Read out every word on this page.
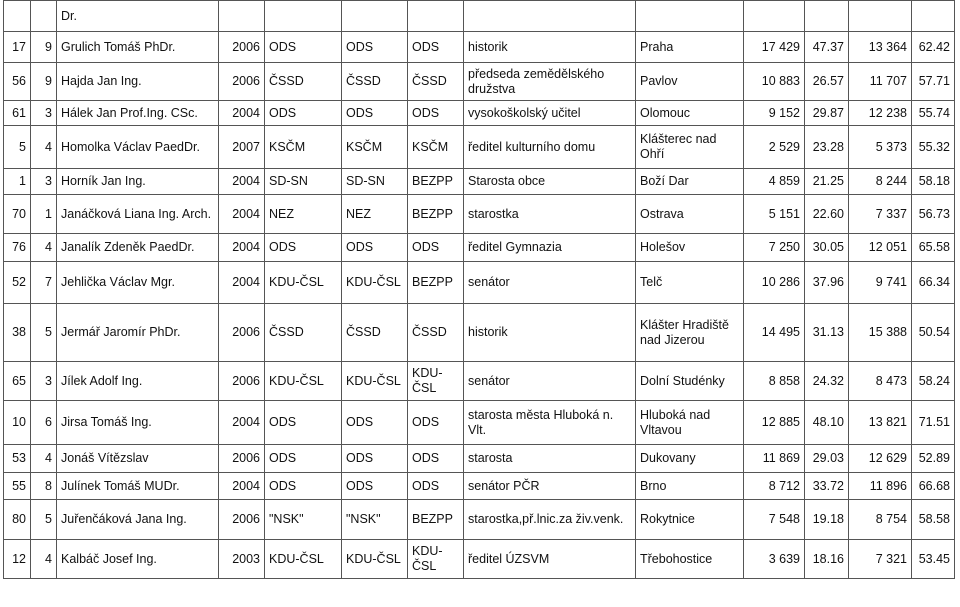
		Dr.										
17	9	Grulich Tomáš PhDr.	2006	ODS	ODS	ODS	historik	Praha	17 429	47.37	13 364	62.42
56	9	Hajda Jan Ing.	2006	ČSSD	ČSSD	ČSSD	předseda zemědělského družstva	Pavlov	10 883	26.57	11 707	57.71
61	3	Hálek Jan Prof.Ing. CSc.	2004	ODS	ODS	ODS	vysokoškolský učitel	Olomouc	9 152	29.87	12 238	55.74
5	4	Homolka Václav PaedDr.	2007	KSČM	KSČM	KSČM	ředitel kulturního domu	Klášterec nad Ohří	2 529	23.28	5 373	55.32
1	3	Horník Jan Ing.	2004	SD-SN	SD-SN	BEZPP	Starosta obce	Boží Dar	4 859	21.25	8 244	58.18
70	1	Janáčková Liana Ing. Arch.	2004	NEZ	NEZ	BEZPP	starostka	Ostrava	5 151	22.60	7 337	56.73
76	4	Janalík Zdeněk PaedDr.	2004	ODS	ODS	ODS	ředitel Gymnazia	Holešov	7 250	30.05	12 051	65.58
52	7	Jehlička Václav Mgr.	2004	KDU-ČSL	KDU-ČSL	BEZPP	senátor	Telč	10 286	37.96	9 741	66.34
38	5	Jermář Jaromír PhDr.	2006	ČSSD	ČSSD	ČSSD	historik	Klášter Hradiště nad Jizerou	14 495	31.13	15 388	50.54
65	3	Jílek Adolf Ing.	2006	KDU-ČSL	KDU-ČSL	KDU-ČSL	senátor	Dolní Studénky	8 858	24.32	8 473	58.24
10	6	Jirsa Tomáš Ing.	2004	ODS	ODS	ODS	starosta města Hluboká n. Vlt.	Hluboká nad Vltavou	12 885	48.10	13 821	71.51
53	4	Jonáš Vítězslav	2006	ODS	ODS	ODS	starosta	Dukovany	11 869	29.03	12 629	52.89
55	8	Julínek Tomáš MUDr.	2004	ODS	ODS	ODS	senátor PČR	Brno	8 712	33.72	11 896	66.68
80	5	Juřenčáková Jana Ing.	2006	"NSK"	"NSK"	BEZPP	starostka,př.lnic.za živ.venk.	Rokytnice	7 548	19.18	8 754	58.58
12	4	Kalbáč Josef Ing.	2003	KDU-ČSL	KDU-ČSL	KDU-ČSL	ředitel ÚZSVM	Třebohostice	3 639	18.16	7 321	53.45
